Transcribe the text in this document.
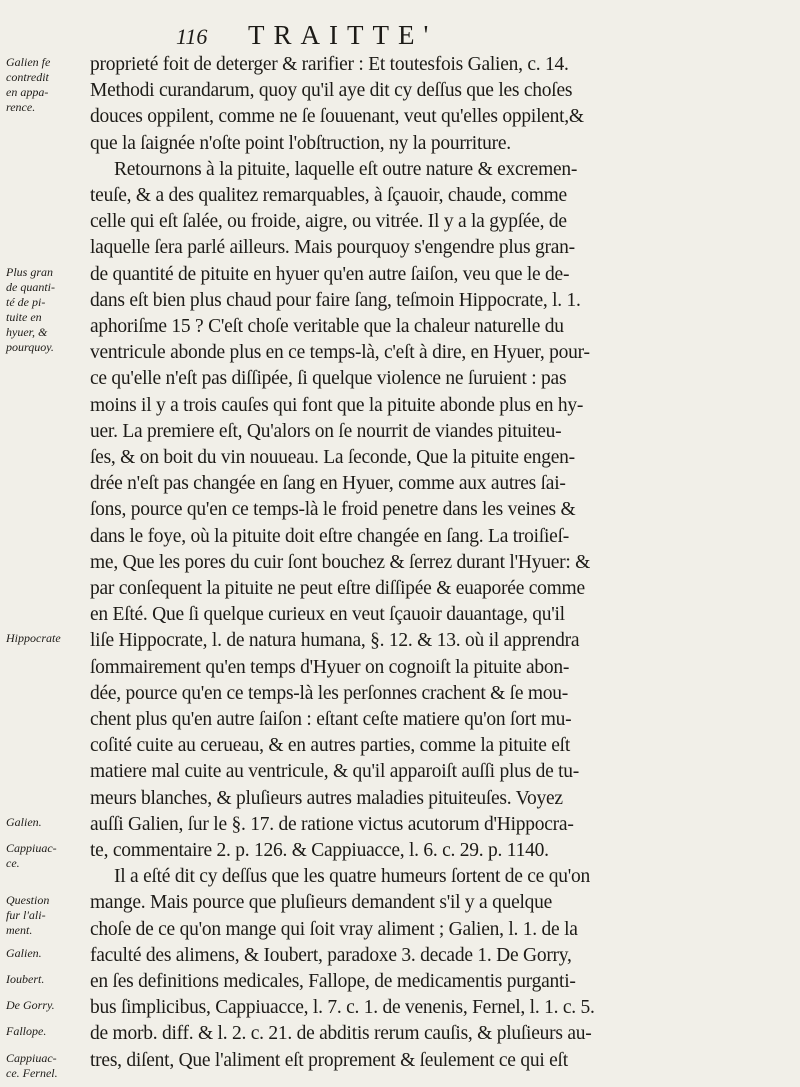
116 TRAITTE'
Galien fe
contredit
en appa-
rence.
Plus gran
de quanti-
té de pi-
tuite en
hyuer, &
pourquoy.
Hippocrate
Galien.
Cappiuac-
ce.
Question
fur l'ali-
ment.
Galien.
Ioubert.
De Gorry.
Fallope.
Cappiuac-
ce. Fernel.
proprieté foit de deterger & rarifier : Et toutesfois Galien, c. 14.
Methodi curandarum, quoy qu'il aye dit cy deſſus que les choſes
douces oppilent, comme ne ſe ſouuenant, veut qu'elles oppilent,&
que la ſaignée n'oſte point l'obſtruction, ny la pourriture.
Retournons à la pituite, laquelle eſt outre nature & excremen-
teuſe, & a des qualitez remarquables, à ſçauoir, chaude, comme
celle qui eſt ſalée, ou froide, aigre, ou vitrée. Il y a la gypſée, de
laquelle ſera parlé ailleurs. Mais pourquoy s'engendre plus gran-
de quantité de pituite en hyuer qu'en autre ſaiſon, veu que le de-
dans eſt bien plus chaud pour faire ſang, teſmoin Hippocrate, l. 1.
aphoriſme 15 ? C'eſt choſe veritable que la chaleur naturelle du
ventricule abonde plus en ce temps-là, c'eſt à dire, en Hyuer, pour-
ce qu'elle n'eſt pas diſſipée, ſi quelque violence ne ſuruient : pas
moins il y a trois cauſes qui font que la pituite abonde plus en hy-
uer. La premiere eſt, Qu'alors on ſe nourrit de viandes pituiteu-
ſes, & on boit du vin nouueau. La ſeconde, Que la pituite engen-
drée n'eſt pas changée en ſang en Hyuer, comme aux autres ſai-
ſons, pource qu'en ce temps-là le froid penetre dans les veines &
dans le foye, où la pituite doit eſtre changée en ſang. La troiſieſ-
me, Que les pores du cuir ſont bouchez & ſerrez durant l'Hyuer: &
par conſequent la pituite ne peut eſtre diſſipée & euaporée comme
en Eſté. Que ſi quelque curieux en veut ſçauoir dauantage, qu'il
liſe Hippocrate, l. de natura humana, §. 12. & 13. où il apprendra
ſommairement qu'en temps d'Hyuer on cognoiſt la pituite abon-
dée, pource qu'en ce temps-là les perſonnes crachent & ſe mou-
chent plus qu'en autre ſaiſon : eſtant ceſte matiere qu'on ſort mu-
coſité cuite au cerueau, & en autres parties, comme la pituite eſt
matiere mal cuite au ventricule, & qu'il apparoiſt auſſi plus de tu-
meurs blanches, & pluſieurs autres maladies pituiteuſes. Voyez
auſſi Galien, ſur le §. 17. de ratione victus acutorum d'Hippocra-
te, commentaire 2. p. 126. & Cappiuacce, l. 6. c. 29. p. 1140.
Il a eſté dit cy deſſus que les quatre humeurs ſortent de ce qu'on
mange. Mais pource que pluſieurs demandent s'il y a quelque
choſe de ce qu'on mange qui ſoit vray aliment ; Galien, l. 1. de la
faculté des alimens, & Ioubert, paradoxe 3. decade 1. De Gorry,
en ſes definitions medicales, Fallope, de medicamentis purganti-
bus ſimplicibus, Cappiuacce, l. 7. c. 1. de venenis, Fernel, l. 1. c. 5.
de morb. diff. & l. 2. c. 21. de abditis rerum cauſis, & pluſieurs au-
tres, diſent, Que l'aliment eſt proprement & ſeulement ce qui eſt
